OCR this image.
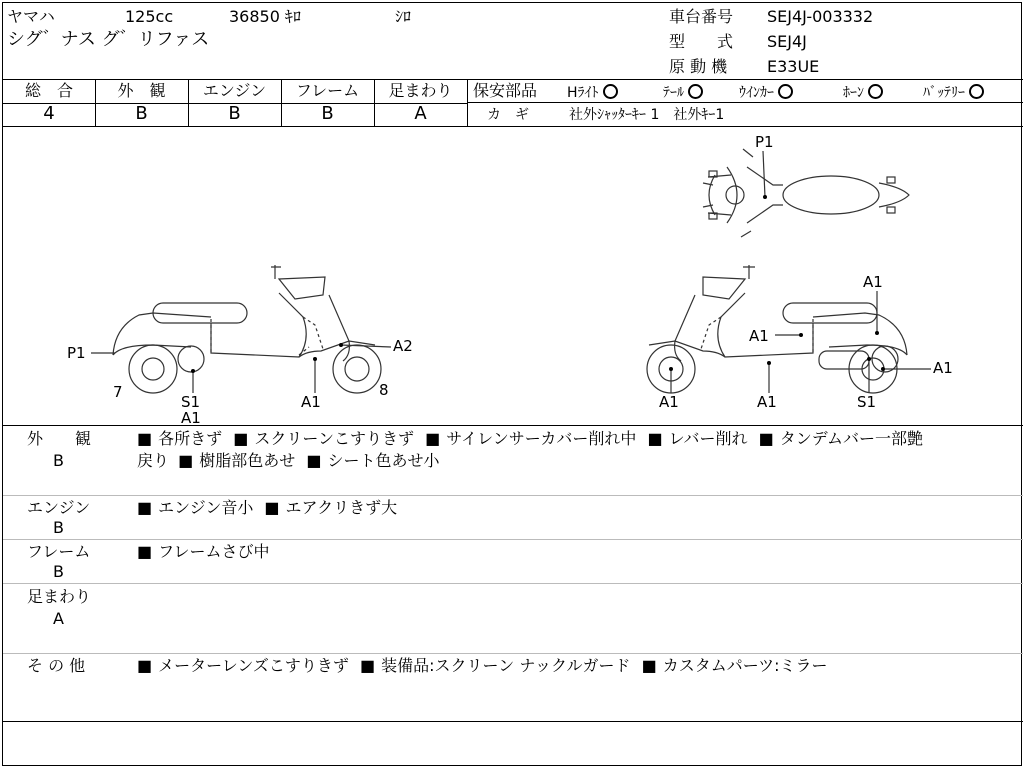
ヤマハ	125cc	36850 ｷﾛ	ｼﾛ
シグ゛ナス グ゛リファス
車台番号 SEJ4J-003332
型　　式 SEJ4J
原 動 機 E33UE
総　合	外　観	エンジン	フレーム	足まわり
4	B	B	B	A
保安部品 Hﾗｲﾄ	ﾃｰﾙ	ｳｲﾝｶｰ	ﾎｰﾝ	ﾊﾞｯﾃﾘｰ
カ　ギ	社外ｼｬｯﾀｰｷｰ 1　社外ｷｰ1
P1
P1	A2
7	8
S1
A1
A1
A1
A1
A1
A1	A1	S1
外　　観
B
■ 各所きず ■ スクリーンこすりきず ■ サイレンサーカバー削れ中 ■ レバー削れ ■ タンデムバー一部艶
戻り ■ 樹脂部色あせ ■ シート色あせ小
エンジン
B
■ エンジン音小 ■ エアクリきず大
フレーム
B
■ フレームさび中
足まわり
A
そ の 他	■ メーターレンズこすりきず ■ 装備品:スクリーン ナックルガード ■ カスタムパーツ:ミラー
